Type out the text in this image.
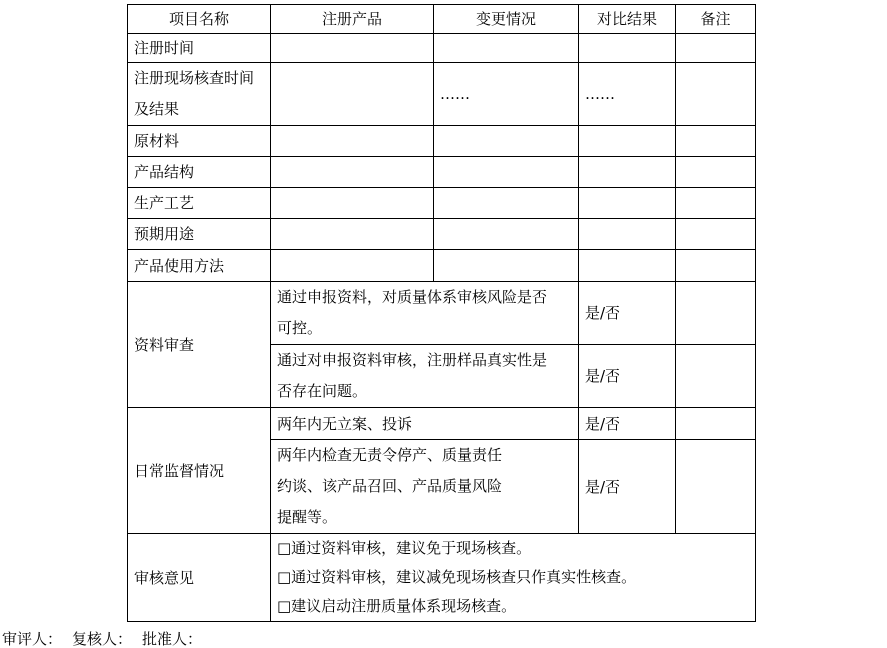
项目名称	注册产品	变更情况	对比结果	备注
注册时间				

注册现场核查时间
及结果		……	……	
原材料				
产品结构				
生产工艺				
预期用途				
产品使用方法				
资料审查	通过申报资料，对质量体系审核风险是否
可控。		是/否	

	通过对申报资料审核，注册样品真实性是
否存在问题。		是/否	
日常监督情况	两年内无立案、投诉		是/否	

	两年内检查无责令停产、质量责任
约谈、该产品召回、产品质量风险
提醒等。		是/否	
审核意见	□通过资料审核，建议免于现场核查。
□通过资料审核，建议减免现场核查只作真实性核查。
□建议启动注册质量体系现场核查。			
审评人： 复核人： 批准人：
